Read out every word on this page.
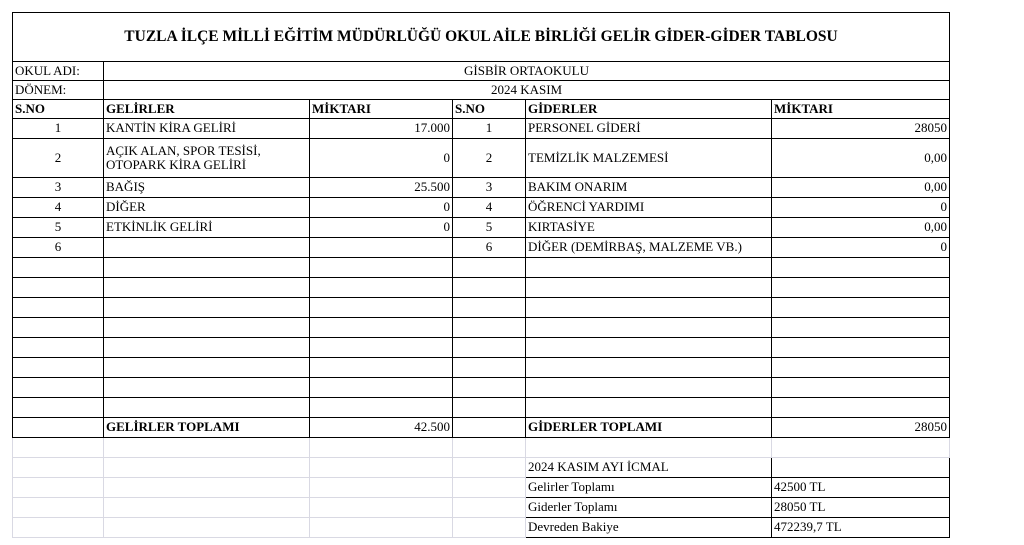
TUZLA İLÇE MİLLİ EĞİTİM MÜDÜRLÜĞÜ OKUL AİLE BİRLİĞİ GELİR GİDER-GİDER TABLOSU					
OKUL ADI:	GİSBİR ORTAOKULU				
DÖNEM:	2024 KASIM				
S.NO	GELİRLER	MİKTARI	S.NO	GİDERLER	MİKTARI
1	KANTİN KİRA GELİRİ	17.000	1	PERSONEL GİDERİ	28050
2	AÇIK ALAN, SPOR TESİSİ, OTOPARK KİRA GELİRİ	0	2	TEMİZLİK MALZEMESİ	0,00
3	BAĞIŞ	25.500	3	BAKIM ONARIM	0,00
4	DİĞER	0	4	ÖĞRENCİ YARDIMI	0
5	ETKİNLİK GELİRİ	0	5	KIRTASİYE	0,00
6			6	DİĞER (DEMİRBAŞ, MALZEME VB.)	0

	GELİRLER TOPLAMI	42.500		GİDERLER TOPLAMI	28050

				2024 KASIM AYI İCMAL	
				Gelirler Toplamı	42500 TL
				Giderler Toplamı	28050 TL
				Devreden Bakiye	472239,7 TL
